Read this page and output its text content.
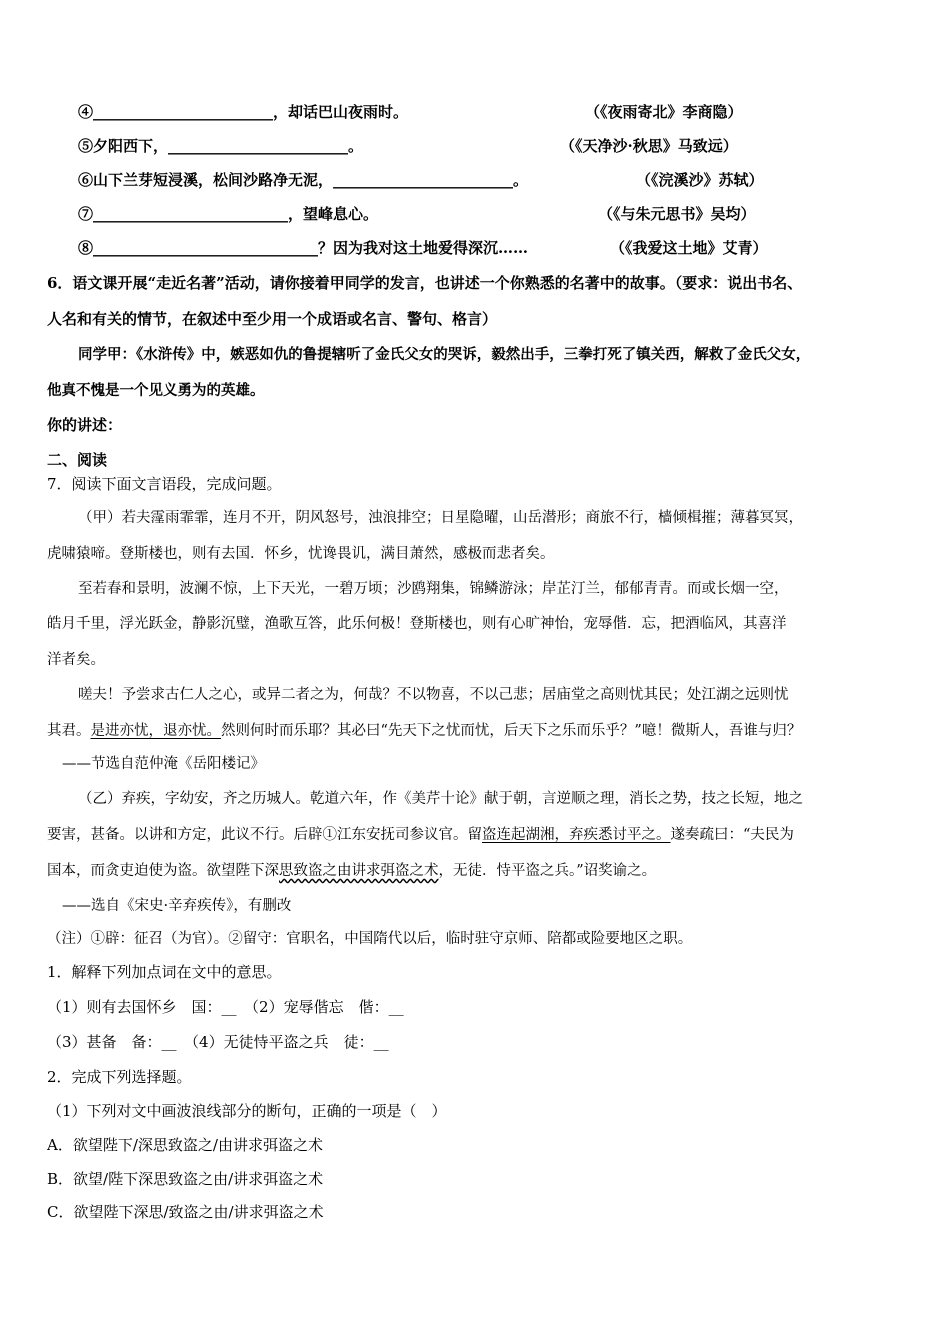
④________________________，却话巴山夜雨时。	（《夜雨寄北》李商隐）
⑤夕阳西下，________________________。	（《天净沙·秋思》马致远）
⑥山下兰芽短浸溪，松间沙路净无泥，________________________。	（《浣溪沙》苏轼）
⑦__________________________，望峰息心。	（《与朱元思书》吴均）
⑧______________________________？因为我对这土地爱得深沉……	（《我爱这土地》艾青）
6．语文课开展“走近名著”活动，请你接着甲同学的发言，也讲述一个你熟悉的名著中的故事。（要求：说出书名、
人名和有关的情节，在叙述中至少用一个成语或名言、警句、格言）
同学甲：《水浒传》中，嫉恶如仇的鲁提辖听了金氏父女的哭诉，毅然出手，三拳打死了镇关西，解救了金氏父女，
他真不愧是一个见义勇为的英雄。
你的讲述：
二、阅读
7．阅读下面文言语段，完成问题。
（甲）若夫霪雨霏霏，连月不开，阴风怒号，浊浪排空；日星隐曜，山岳潜形；商旅不行，樯倾楫摧；薄暮冥冥，
虎啸猿啼。登斯楼也，则有去国．怀乡，忧谗畏讥，满目萧然，感极而悲者矣。
至若春和景明，波澜不惊，上下天光，一碧万顷；沙鸥翔集，锦鳞游泳；岸芷汀兰，郁郁青青。而或长烟一空，
皓月千里，浮光跃金，静影沉璧，渔歌互答，此乐何极！登斯楼也，则有心旷神怡，宠辱偕．忘，把酒临风，其喜洋
洋者矣。
嗟夫！予尝求古仁人之心，或异二者之为，何哉？不以物喜，不以己悲；居庙堂之高则忧其民；处江湖之远则忧
其君。是进亦忧，退亦忧。然则何时而乐耶？其必曰“先天下之忧而忧，后天下之乐而乐乎？”噫！微斯人，吾谁与归？
——节选自范仲淹《岳阳楼记》
（乙）弃疾，字幼安，齐之历城人。乾道六年，作《美芹十论》献于朝，言逆顺之理，消长之势，技之长短，地之
要害，甚备。以讲和方定，此议不行。后辟①江东安抚司参议官。留盗连起湖湘，弃疾悉讨平之。遂奏疏曰：“夫民为
国本，而贪吏迫使为盗。欲望陛下深思致盗之由讲求弭盗之术，无徒．恃平盗之兵。”诏奖谕之。
——选自《宋史·辛弃疾传》，有删改
（注）①辟：征召（为官）。②留守：官职名，中国隋代以后，临时驻守京师、陪都或险要地区之职。
1．解释下列加点词在文中的意思。
（1）则有去国怀乡　国：__　（2）宠辱偕忘　偕：__
（3）甚备　备：__　（4）无徒恃平盗之兵　徒：__
2．完成下列选择题。
（1）下列对文中画波浪线部分的断句，正确的一项是（　）
A．欲望陛下/深思致盗之/由讲求弭盗之术
B．欲望/陛下深思致盗之由/讲求弭盗之术
C．欲望陛下深思/致盗之由/讲求弭盗之术
